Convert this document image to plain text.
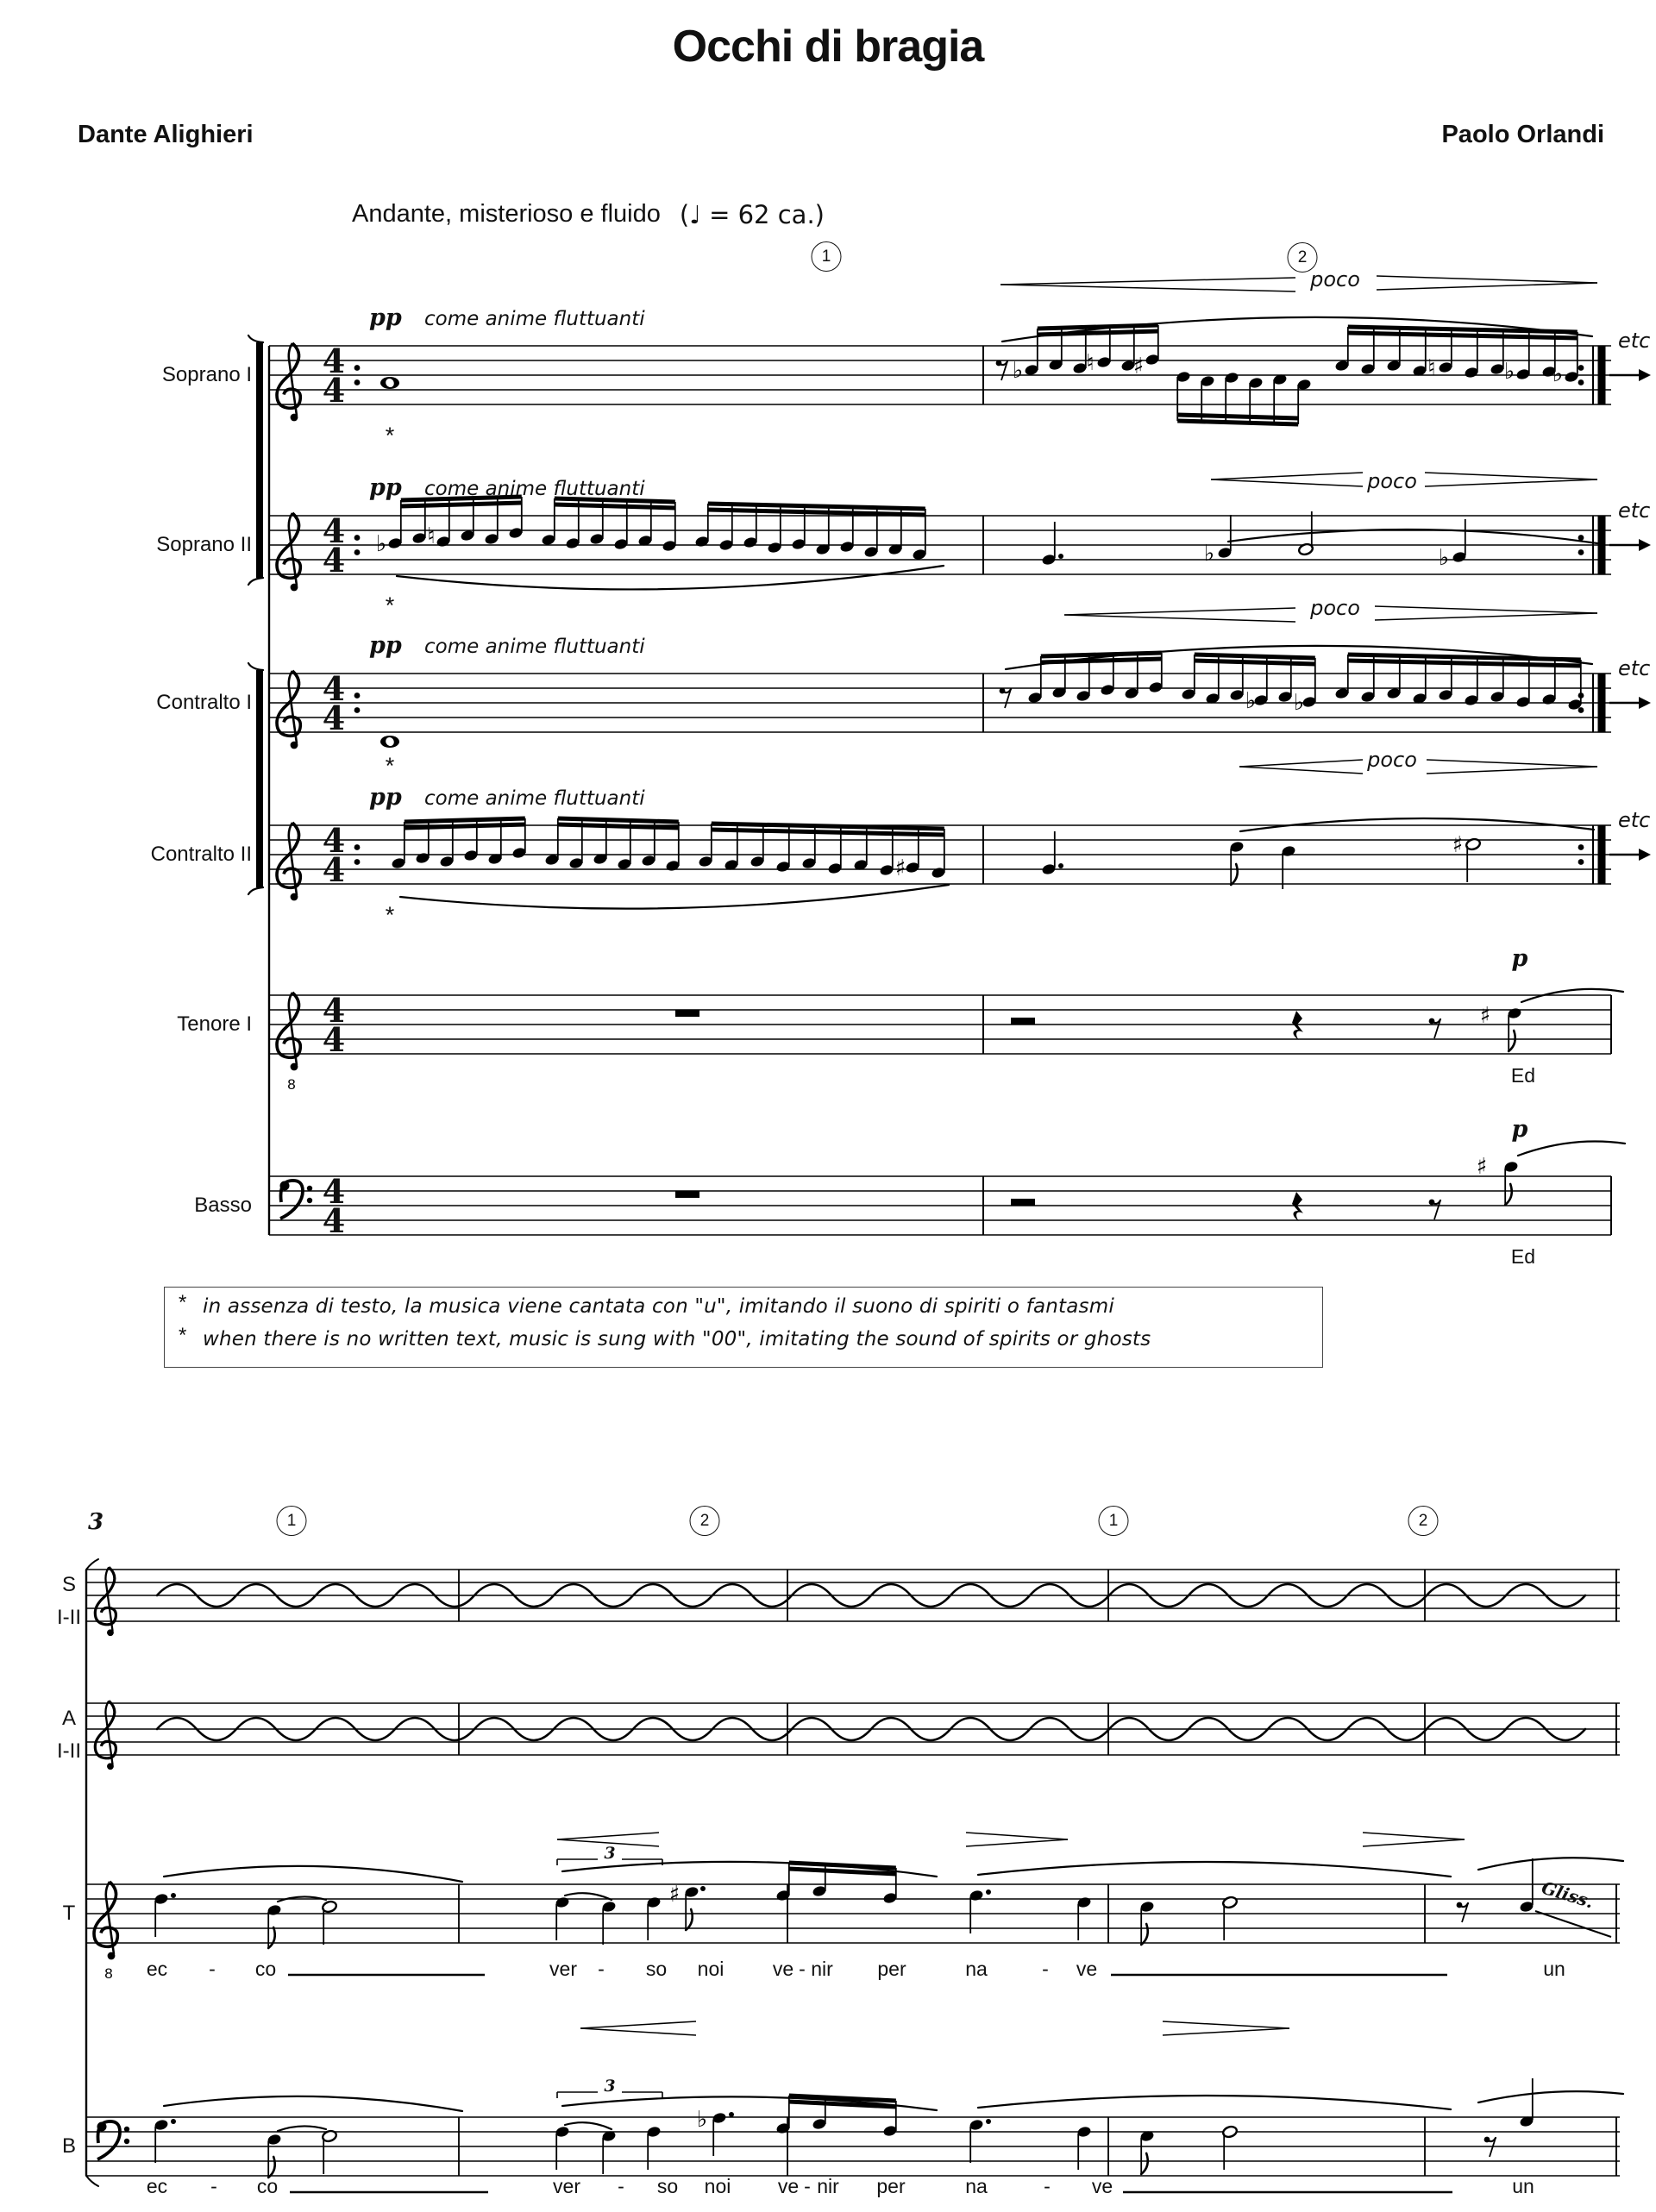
8
♭	♮ ♯	♮	♭ ♭
♭ ♮
♭	♭
♭ ♭
♯
♯
♯
♯
8
♯
♭
Occhi di bragia
Dante Alighieri	Paolo Orlandi
Andante, misterioso e fluido (♩ = 62 ca.)
1	2
Soprano I
Soprano II
Contralto I
Contralto II
Tenore I
Basso
4
4
4
4
4
4
4
4
4
4
4
4
pp come anime fluttuanti
pp come anime fluttuanti
pp come anime fluttuanti
pp come anime fluttuanti
*
*
*
*
poco
poco
poco
poco
etc
etc
etc
etc
p
Ed
p
Ed
* in assenza di testo, la musica viene cantata con "u", imitando il suono di spiriti o fantasmi
* when there is no written text, music is sung with "00", imitating the sound of spirits or ghosts
3	1	2	1	2
S
I-II
A
I-II
T
B
3
3
Gliss.
ec - co	ver - so noi ve - nir per	na	- ve	un
ec - co	ver - so noi ve - nir per	na	- ve	un
